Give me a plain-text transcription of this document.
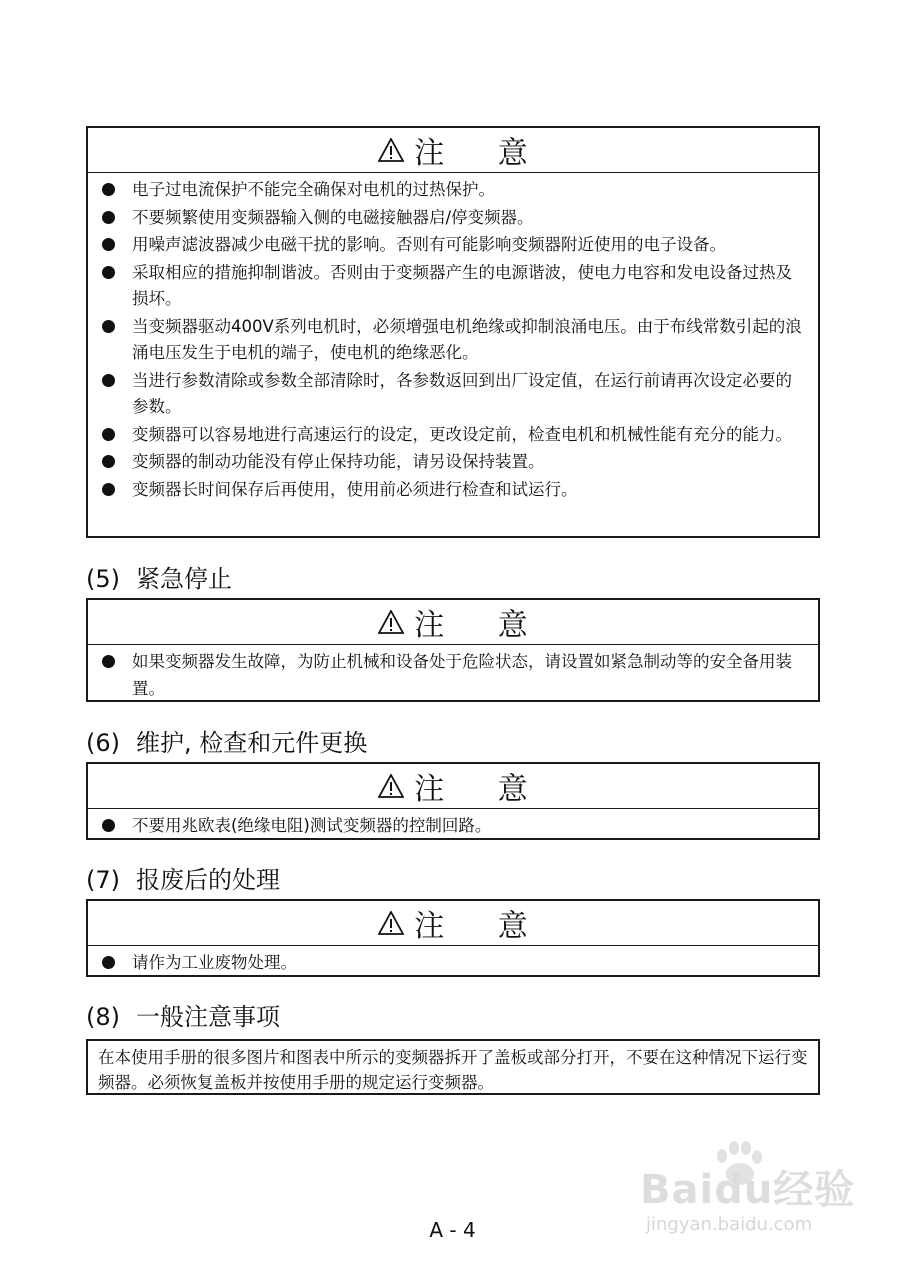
注 意
电子过电流保护不能完全确保对电机的过热保护。
不要频繁使用变频器输入侧的电磁接触器启/停变频器。
用噪声滤波器减少电磁干扰的影响。否则有可能影响变频器附近使用的电子设备。
采取相应的措施抑制谐波。否则由于变频器产生的电源谐波，使电力电容和发电设备过热及损坏。
当变频器驱动400V系列电机时，必须增强电机绝缘或抑制浪涌电压。由于布线常数引起的浪涌电压发生于电机的端子，使电机的绝缘恶化。
当进行参数清除或参数全部清除时，各参数返回到出厂设定值，在运行前请再次设定必要的参数。
变频器可以容易地进行高速运行的设定，更改设定前，检查电机和机械性能有充分的能力。
变频器的制动功能没有停止保持功能，请另设保持装置。
变频器长时间保存后再使用，使用前必须进行检查和试运行。
(5) 紧急停止
注 意
如果变频器发生故障，为防止机械和设备处于危险状态，请设置如紧急制动等的安全备用装置。
(6) 维护, 检查和元件更换
注 意
不要用兆欧表(绝缘电阻)测试变频器的控制回路。
(7) 报废后的处理
注 意
请作为工业废物处理。
(8) 一般注意事项
在本使用手册的很多图片和图表中所示的变频器拆开了盖板或部分打开，不要在这种情况下运行变频器。必须恢复盖板并按使用手册的规定运行变频器。
Baidu经验
jingyan.baidu.com
A - 4
